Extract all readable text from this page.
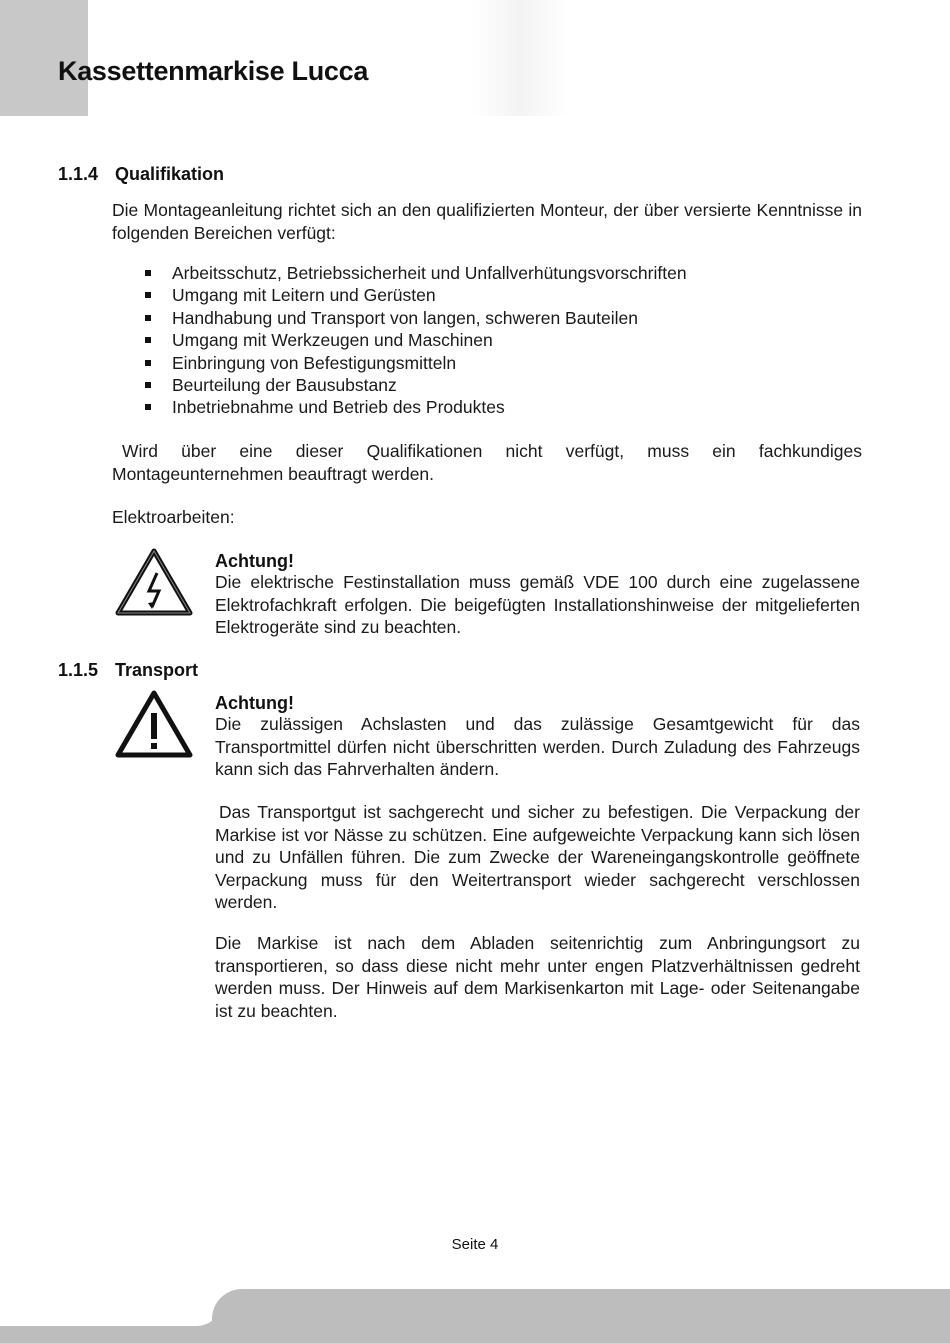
Kassettenmarkise Lucca
1.1.4 Qualifikation

Die Montageanleitung richtet sich an den qualifizierten Monteur, der über versierte Kenntnisse in folgenden Bereichen verfügt:

Arbeitsschutz, Betriebssicherheit und Unfallverhütungsvorschriften
Umgang mit Leitern und Gerüsten
Handhabung und Transport von langen, schweren Bauteilen
Umgang mit Werkzeugen und Maschinen
Einbringung von Befestigungsmitteln
Beurteilung der Bausubstanz
Inbetriebnahme und Betrieb des Produktes

Wird über eine dieser Qualifikationen nicht verfügt, muss ein fachkundiges Montageunternehmen beauftragt werden.

Elektroarbeiten:

Achtung!

Die elektrische Festinstallation muss gemäß VDE 100 durch eine zugelassene Elektrofachkraft erfolgen. Die beigefügten Installationshinweise der mitgelieferten Elektrogeräte sind zu beachten.

1.1.5 Transport

Achtung!

Die zulässigen Achslasten und das zulässige Gesamtgewicht für das Transportmittel dürfen nicht überschritten werden. Durch Zuladung des Fahrzeugs kann sich das Fahrverhalten ändern.

Das Transportgut ist sachgerecht und sicher zu befestigen. Die Verpackung der Markise ist vor Nässe zu schützen. Eine aufgeweichte Verpackung kann sich lösen und zu Unfällen führen. Die zum Zwecke der Wareneingangskontrolle geöffnete Verpackung muss für den Weitertransport wieder sachgerecht verschlossen werden.

Die Markise ist nach dem Abladen seitenrichtig zum Anbringungsort zu transportieren, so dass diese nicht mehr unter engen Platzverhältnissen gedreht werden muss. Der Hinweis auf dem Markisenkarton mit Lage- oder Seitenangabe ist zu beachten.

Seite 4
